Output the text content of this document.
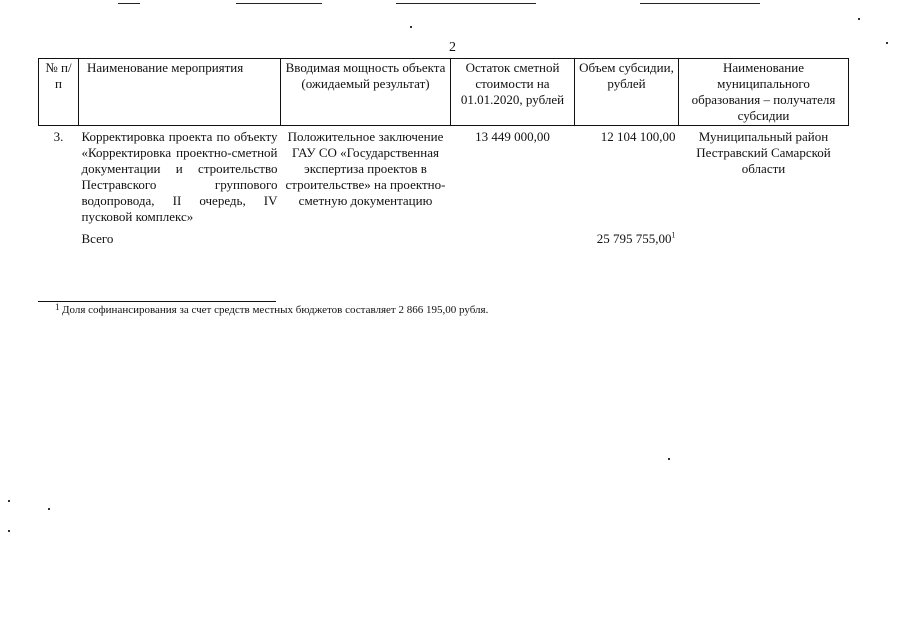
2
№ п/п	Наименование мероприятия	Вводимая мощность объекта (ожидаемый результат)	Остаток сметной стоимости на 01.01.2020, рублей	Объем субсидии, рублей	Наименование муниципального образования – получателя субсидии
3.	Корректировка проекта по объекту «Корректировка проектно-сметной документации и строительство Пестравского группового водопровода, II очередь, IV пусковой комплекс»	Положительное заключение ГАУ СО «Государственная экспертиза проектов в строительстве» на проектно-сметную документацию	13 449 000,00	12 104 100,00	Муниципальный район Пестравский Самарской области
	Всего			25 795 755,00$^1$	
1 Доля софинансирования за счет средств местных бюджетов составляет 2 866 195,00 рубля.
